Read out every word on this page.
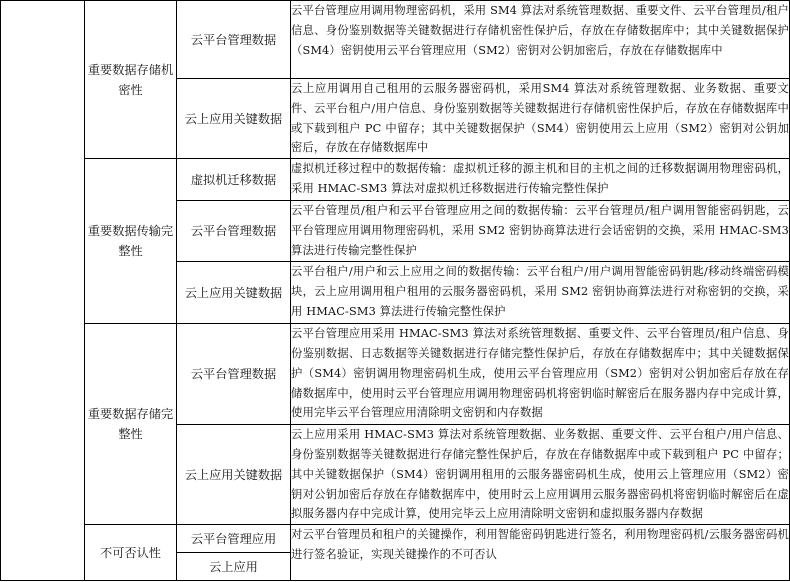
	重要数据存储机密性	云平台管理数据	云平台管理应用调用物理密码机，采用 SM4 算法对系统管理数据、重要文件、云平台管理员/租户信息、身份鉴别数据等关键数据进行存储机密性保护后，存放在存储数据库中；其中关键数据保护（SM4）密钥使用云平台管理应用（SM2）密钥对公钥加密后，存放在存储数据库中
		云上应用关键数据	云上应用调用自己租用的云服务器密码机，采用SM4 算法对系统管理数据、业务数据、重要文件、云平台租户/用户信息、身份鉴别数据等关键数据进行存储机密性保护后，存放在存储数据库中或下载到租户 PC 中留存；其中关键数据保护（SM4）密钥使用云上应用（SM2）密钥对公钥加密后，存放在存储数据库中
	重要数据传输完整性	虚拟机迁移数据	虚拟机迁移过程中的数据传输：虚拟机迁移的源主机和目的主机之间的迁移数据调用物理密码机，采用 HMAC-SM3 算法对虚拟机迁移数据进行传输完整性保护
		云平台管理数据	云平台管理员/租户和云平台管理应用之间的数据传输：云平台管理员/租户调用智能密码钥匙，云平台管理应用调用物理密码机，采用 SM2 密钥协商算法进行会话密钥的交换，采用 HMAC-SM3 算法进行传输完整性保护
		云上应用关键数据	云平台租户/用户和云上应用之间的数据传输：云平台租户/用户调用智能密码钥匙/移动终端密码模块，云上应用调用租户租用的云服务器密码机，采用 SM2 密钥协商算法进行对称密钥的交换，采用 HMAC-SM3 算法进行传输完整性保护
	重要数据存储完整性	云平台管理数据	云平台管理应用采用 HMAC-SM3 算法对系统管理数据、重要文件、云平台管理员/租户信息、身份鉴别数据、日志数据等关键数据进行存储完整性保护后，存放在存储数据库中；其中关键数据保护（SM4）密钥调用物理密码机生成，使用云平台管理应用（SM2）密钥对公钥加密后存放在存储数据库中，使用时云平台管理应用调用物理密码机将密钥临时解密后在服务器内存中完成计算，使用完毕云平台管理应用清除明文密钥和内存数据
		云上应用关键数据	云上应用采用 HMAC-SM3 算法对系统管理数据、业务数据、重要文件、云平台租户/用户信息、身份鉴别数据等关键数据进行存储完整性保护后，存放在存储数据库中或下载到租户 PC 中留存；其中关键数据保护（SM4）密钥调用租用的云服务器密码机生成，使用云上管理应用（SM2）密钥对公钥加密后存放在存储数据库中，使用时云上应用调用云服务器密码机将密钥临时解密后在虚拟服务器内存中完成计算，使用完毕云上应用清除明文密钥和虚拟服务器内存数据
	不可否认性	云平台管理应用	对云平台管理员和租户的关键操作，利用智能密码钥匙进行签名，利用物理密码机/云服务器密码机进行签名验证，实现关键操作的不可否认
		云上应用	
